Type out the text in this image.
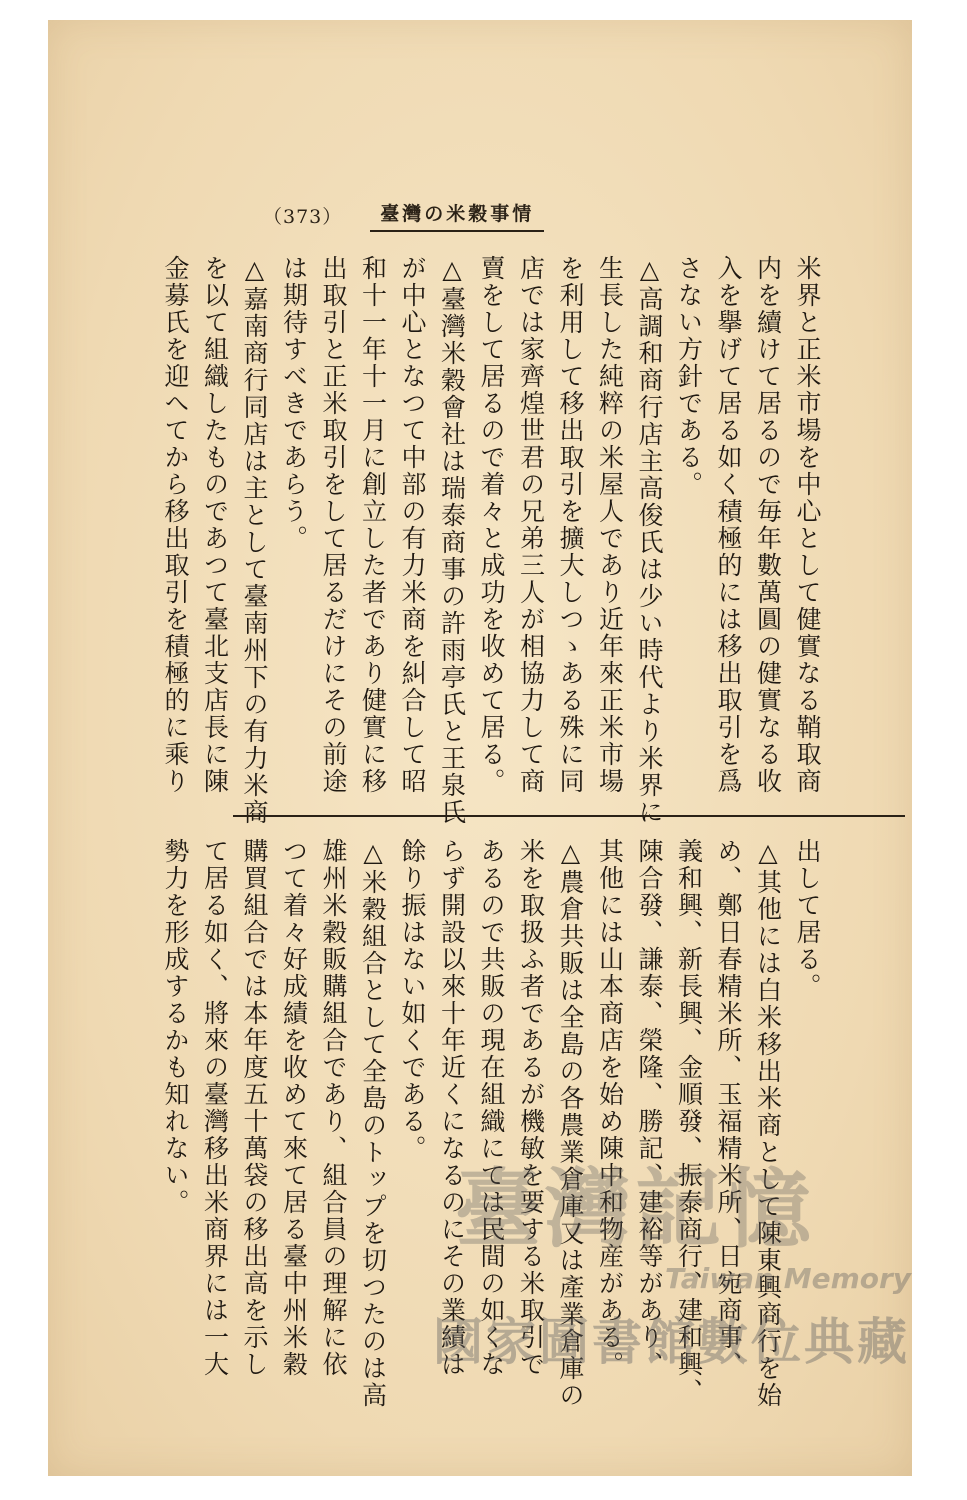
（373）	臺灣の米穀事情
米界と正米市場を中心として健實なる鞘取商
内を續けて居るので毎年數萬圓の健實なる收
入を擧げて居る如く積極的には移出取引を爲
さない方針である。
△高調和商行店主高俊氏は少い時代より米界に
生長した純粹の米屋人であり近年來正米市場
を利用して移出取引を擴大しつゝある殊に同
店では家齊煌世君の兄弟三人が相協力して商
賣をして居るので着々と成功を收めて居る。
△臺灣米穀會社は瑞泰商事の許雨亭氏と王泉氏
が中心となつて中部の有力米商を糾合して昭
和十一年十一月に創立した者であり健實に移
出取引と正米取引をして居るだけにその前途
は期待すべきであらう。
△嘉南商行同店は主として臺南州下の有力米商
を以て組織したものであつて臺北支店長に陳
金募氏を迎へてから移出取引を積極的に乘り
出して居る。
△其他には白米移出米商として陳東興商行を始
め、鄭日春精米所、玉福精米所、日宛商事、
義和興、新長興、金順發、振泰商行、建和興、
陳合發、謙泰、榮隆、勝記、建裕等があり、
其他には山本商店を始め陳中和物産がある。
△農倉共販は全島の各農業倉庫又は產業倉庫の
米を取扱ふ者であるが機敏を要する米取引で
あるので共販の現在組織にては民間の如くな
らず開設以來十年近くになるのにその業績は
餘り振はない如くである。
△米穀組合として全島のトップを切つたのは高
雄州米穀販購組合であり、組合員の理解に依
つて着々好成績を收めて來て居る臺中州米穀
購買組合では本年度五十萬袋の移出高を示し
て居る如く、將來の臺灣移出米商界には一大
勢力を形成するかも知れない。	臺灣記憶
Taiwan Memory
國家圖書館數位典藏
